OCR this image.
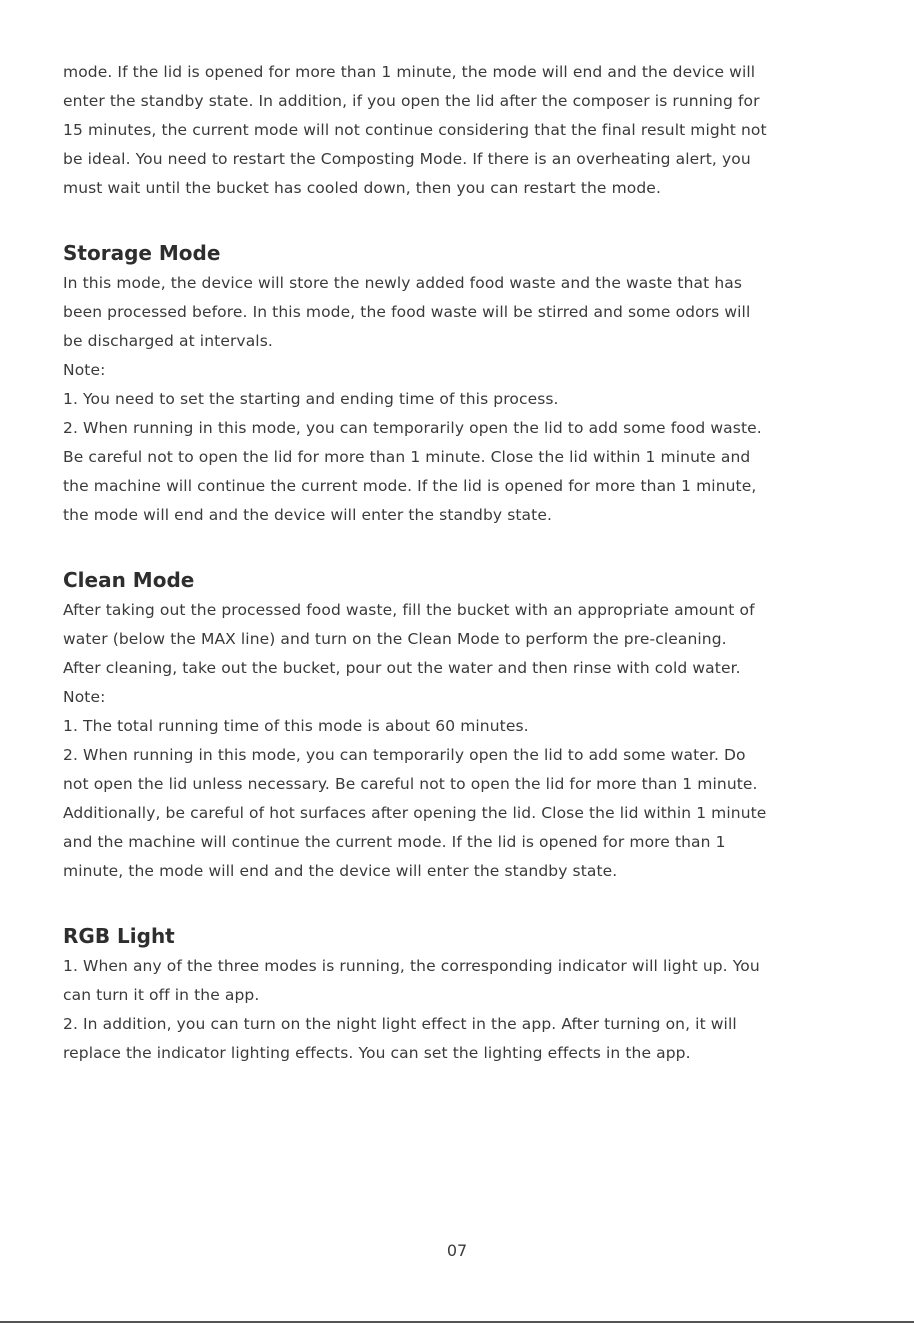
mode. If the lid is opened for more than 1 minute, the mode will end and the device will
enter the standby state. In addition, if you open the lid after the composer is running for
15 minutes, the current mode will not continue considering that the final result might not
be ideal. You need to restart the Composting Mode. If there is an overheating alert, you
must wait until the bucket has cooled down, then you can restart the mode.
Storage Mode
In this mode, the device will store the newly added food waste and the waste that has
been processed before. In this mode, the food waste will be stirred and some odors will
be discharged at intervals.
Note:
1. You need to set the starting and ending time of this process.
2. When running in this mode, you can temporarily open the lid to add some food waste.
Be careful not to open the lid for more than 1 minute. Close the lid within 1 minute and
the machine will continue the current mode. If the lid is opened for more than 1 minute,
the mode will end and the device will enter the standby state.
Clean Mode
After taking out the processed food waste, fill the bucket with an appropriate amount of
water (below the MAX line) and turn on the Clean Mode to perform the pre-cleaning.
After cleaning, take out the bucket, pour out the water and then rinse with cold water.
Note:
1. The total running time of this mode is about 60 minutes.
2. When running in this mode, you can temporarily open the lid to add some water. Do
not open the lid unless necessary. Be careful not to open the lid for more than 1 minute.
Additionally, be careful of hot surfaces after opening the lid. Close the lid within 1 minute
and the machine will continue the current mode. If the lid is opened for more than 1
minute, the mode will end and the device will enter the standby state.
RGB Light
1. When any of the three modes is running, the corresponding indicator will light up. You
can turn it off in the app.
2. In addition, you can turn on the night light effect in the app. After turning on, it will
replace the indicator lighting effects. You can set the lighting effects in the app.
07
